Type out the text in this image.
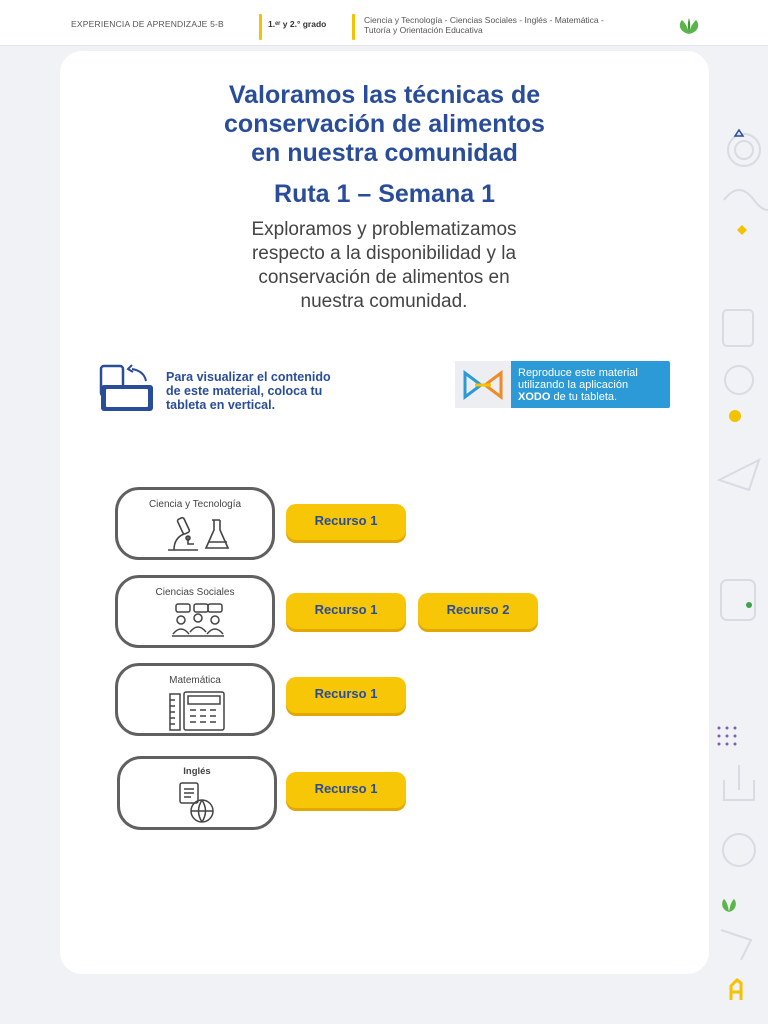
EXPERIENCIA DE APRENDIZAJE 5-B	1.ᵉʳ y 2.° grado	Ciencia y Tecnología - Ciencias Sociales - Inglés - Matemática -
Tutoría y Orientación Educativa
Valoramos las técnicas de
conservación de alimentos
en nuestra comunidad
Ruta 1 – Semana 1
Exploramos y problematizamos
respecto a la disponibilidad y la
conservación de alimentos en
nuestra comunidad.
Para visualizar el contenido
de este material, coloca tu
tableta en vertical.
Reproduce este material
utilizando la aplicación
XODO de tu tableta.
Ciencia y Tecnología
Recurso 1
Ciencias Sociales
Recurso 1	Recurso 2
Matemática
Recurso 1
Inglés
Recurso 1
